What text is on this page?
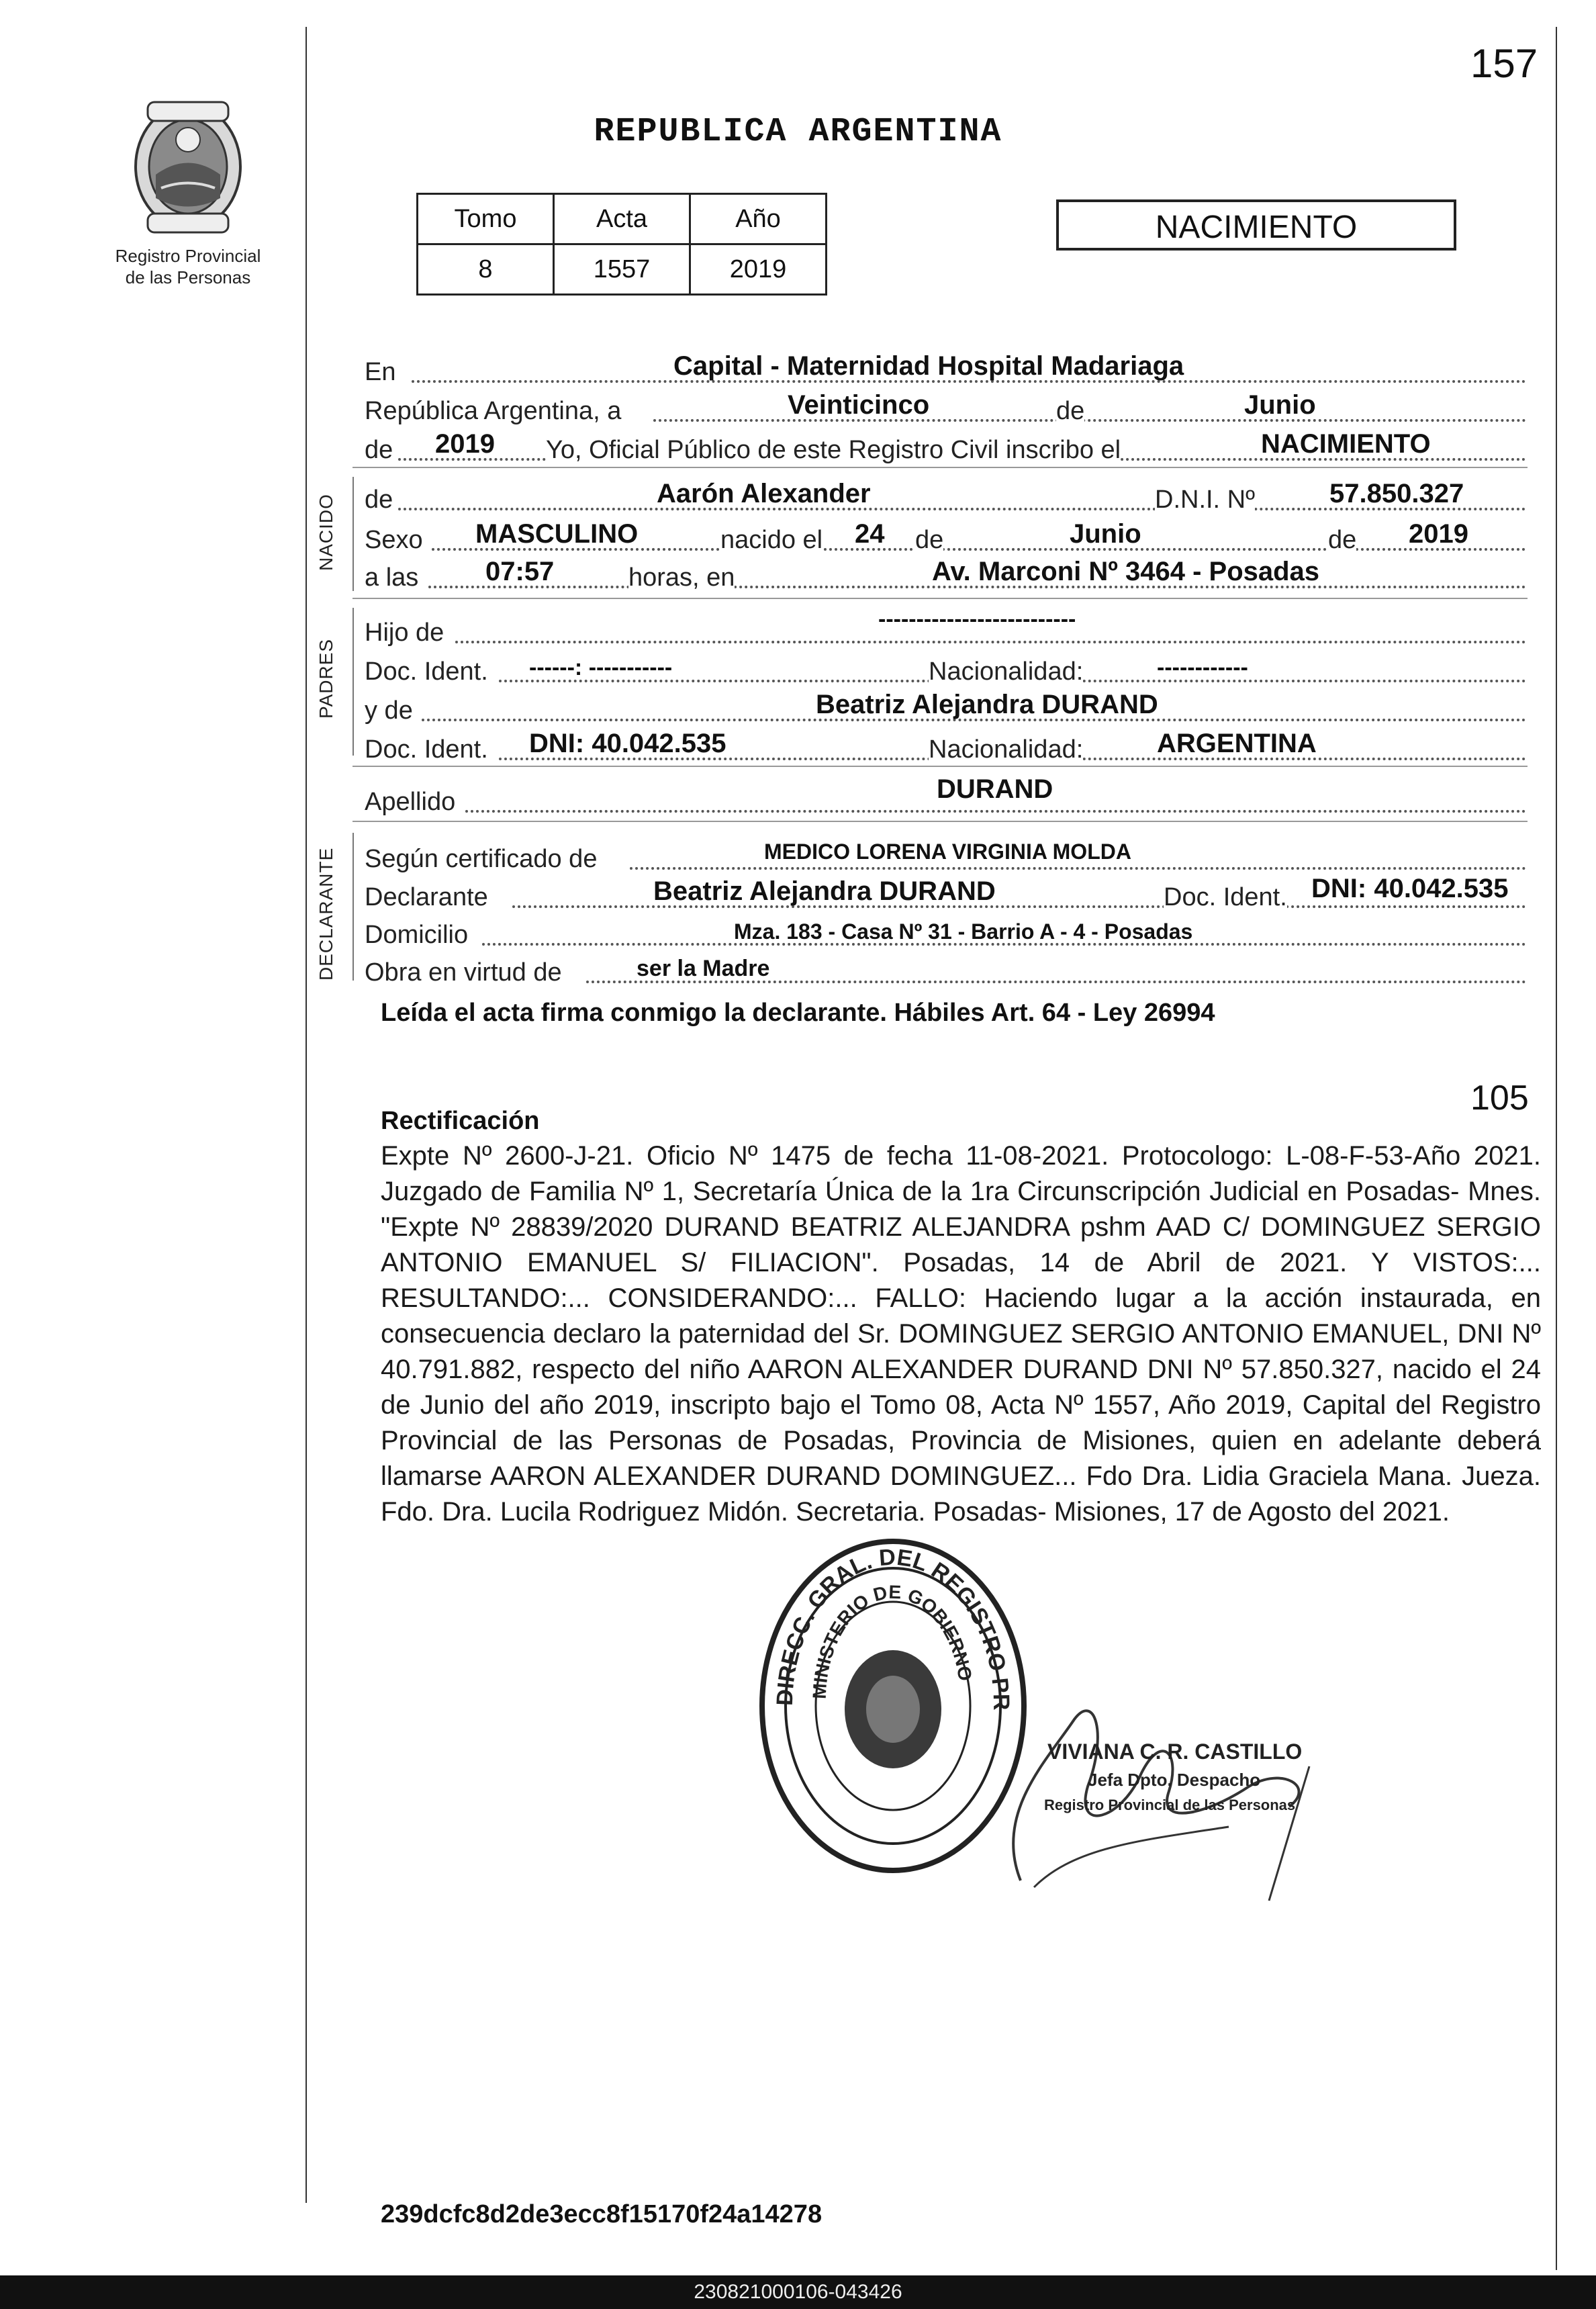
157
Registro Provincial
de las Personas
REPUBLICA ARGENTINA
Tomo	Acta	Año
8	1557	2019
NACIMIENTO
En	Capital - Maternidad Hospital Madariaga
República Argentina, a	Veinticinco	de	Junio
de 2019 Yo, Oficial Público de este Registro Civil inscribo el	NACIMIENTO
NACIDO de	Aarón Alexander	D.N.I. Nº	57.850.327
Sexo MASCULINO	nacido el 24 de	Junio	de 2019
a las 07:57	horas, en	Av. Marconi Nº 3464 - Posadas
PADRES
Hijo de	--------------------------
Doc. Ident. ------: -----------	Nacionalidad:	------------
y de	Beatriz Alejandra DURAND
Doc. Ident. DNI: 40.042.535	Nacionalidad:	ARGENTINA
Apellido	DURAND
DECLARANTE Según certificado de	MEDICO LORENA VIRGINIA MOLDA
Declarante	Beatriz Alejandra DURAND	Doc. Ident. DNI: 40.042.535
Domicilio	Mza. 183 - Casa Nº 31 - Barrio A - 4 - Posadas
Obra en virtud de	ser la Madre
Leída el acta firma conmigo la declarante. Hábiles Art. 64 - Ley 26994
105
Rectificación
Expte Nº 2600-J-21. Oficio Nº 1475 de fecha 11-08-2021. Protocologo: L-08-F-53-Año 2021. Juzgado de Familia Nº 1, Secretaría Única de la 1ra Circunscripción Judicial en Posadas- Mnes. "Expte Nº 28839/2020 DURAND BEATRIZ ALEJANDRA pshm AAD C/ DOMINGUEZ SERGIO ANTONIO EMANUEL S/ FILIACION". Posadas, 14 de Abril de 2021. Y VISTOS:... RESULTANDO:... CONSIDERANDO:... FALLO: Haciendo lugar a la acción instaurada, en consecuencia declaro la paternidad del Sr. DOMINGUEZ SERGIO ANTONIO EMANUEL, DNI Nº 40.791.882, respecto del niño AARON ALEXANDER DURAND DNI Nº 57.850.327, nacido el 24 de Junio del año 2019, inscripto bajo el Tomo 08, Acta Nº 1557, Año 2019, Capital del Registro Provincial de las Personas de Posadas, Provincia de Misiones, quien en adelante deberá llamarse AARON ALEXANDER DURAND DOMINGUEZ... Fdo Dra. Lidia Graciela Mana. Jueza. Fdo. Dra. Lucila Rodriguez Midón. Secretaria. Posadas- Misiones, 17 de Agosto del 2021.
DIRECC. GRAL. DEL REGISTRO PR
MINISTERIO DE GOBIERNO
VIVIANA C. R. CASTILLO
Jefa Dpto. Despacho
Registro Provincial de las Personas
239dcfc8d2de3ecc8f15170f24a14278
230821000106-043426
